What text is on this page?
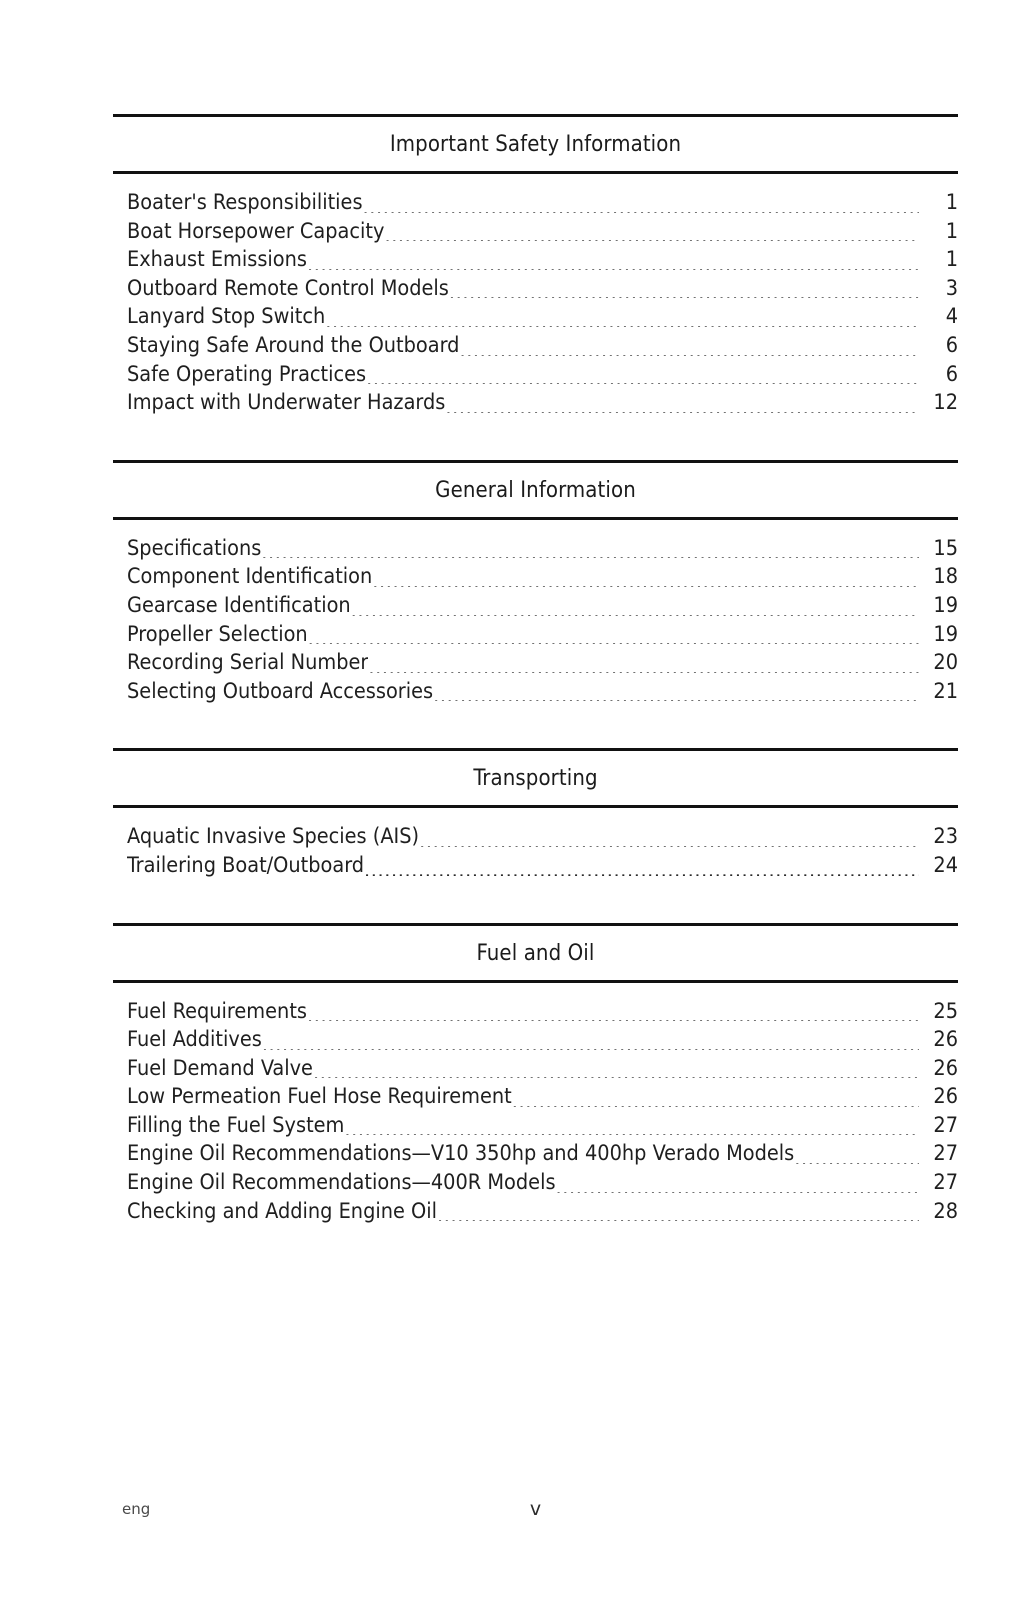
Important Safety Information
Boater's Responsibilities .....	1
Boat Horsepower Capacity .....	1
Exhaust Emissions .....	1
Outboard Remote Control Models .....	3
Lanyard Stop Switch .....	4
Staying Safe Around the Outboard .....	6
Safe Operating Practices .....	6
Impact with Underwater Hazards .....	12
General Information
Specifications .....	15
Component Identification .....	18
Gearcase Identification .....	19
Propeller Selection .....	19
Recording Serial Number .....	20
Selecting Outboard Accessories .....	21
Transporting
Aquatic Invasive Species (AIS) .....	23
Trailering Boat/Outboard .....	24
Fuel and Oil
Fuel Requirements .....	25
Fuel Additives .....	26
Fuel Demand Valve .....	26
Low Permeation Fuel Hose Requirement .....	26
Filling the Fuel System .....	27
Engine Oil Recommendations—V10 350hp and 400hp Verado Models .....	27
Engine Oil Recommendations—400R Models .....	27
Checking and Adding Engine Oil .....	28
eng	v
